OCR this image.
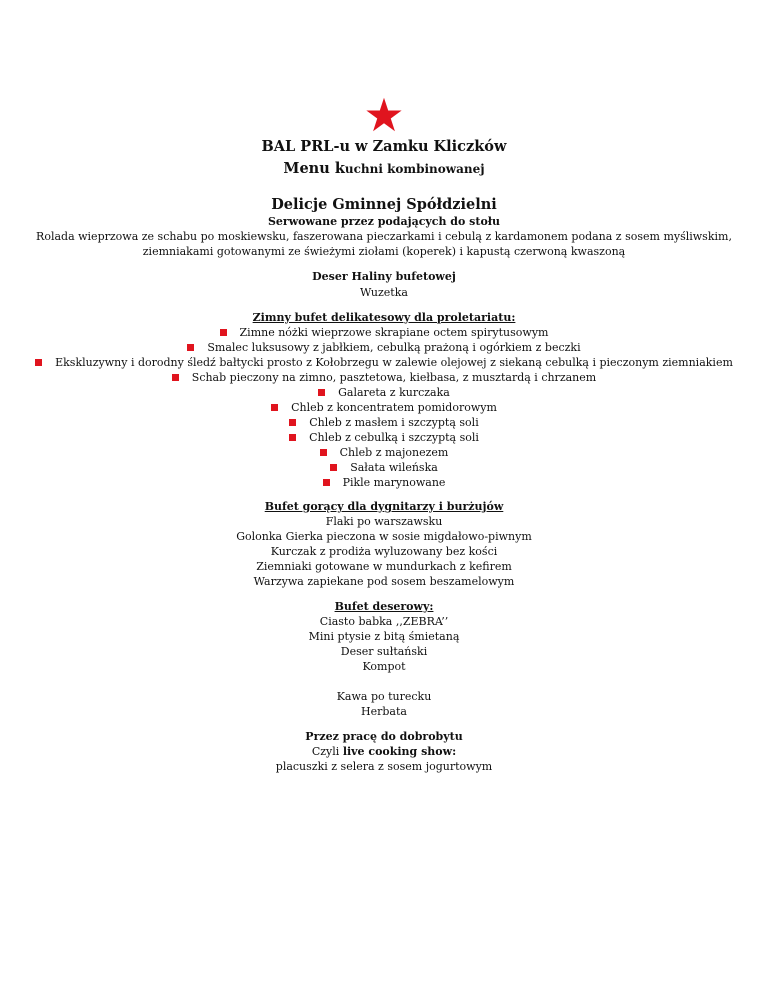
★
BAL PRL-u w Zamku Kliczków
Menu kuchni kombinowanej
Delicje Gminnej Spółdzielni
Serwowane przez podających do stołu
Rolada wieprzowa ze schabu po moskiewsku, faszerowana pieczarkami i cebulą z kardamonem podana z sosem myśliwskim,
ziemniakami gotowanymi ze świeżymi ziołami (koperek) i kapustą czerwoną kwaszoną
Deser Haliny bufetowej
Wuzetka
Zimny bufet delikatesowy dla proletariatu:
Zimne nóżki wieprzowe skrapiane octem spirytusowym
Smalec luksusowy z jabłkiem, cebulką prażoną i ogórkiem z beczki
Ekskluzywny i dorodny śledź bałtycki prosto z Kołobrzegu w zalewie olejowej z siekaną cebulką i pieczonym ziemniakiem
Schab pieczony na zimno, pasztetowa, kiełbasa, z musztardą i chrzanem
Galareta z kurczaka
Chleb z koncentratem pomidorowym
Chleb z masłem i szczyptą soli
Chleb z cebulką i szczyptą soli
Chleb z majonezem
Sałata wileńska
Pikle marynowane
Bufet gorący dla dygnitarzy i burżujów
Flaki po warszawsku
Golonka Gierka pieczona w sosie migdałowo-piwnym
Kurczak z prodiża wyluzowany bez kości
Ziemniaki gotowane w mundurkach z kefirem
Warzywa zapiekane pod sosem beszamelowym
Bufet deserowy:
Ciasto babka ,,ZEBRA’’
Mini ptysie z bitą śmietaną
Deser sułtański
Kompot
Kawa po turecku
Herbata
Przez pracę do dobrobytu
Czyli live cooking show:
placuszki z selera z sosem jogurtowym
